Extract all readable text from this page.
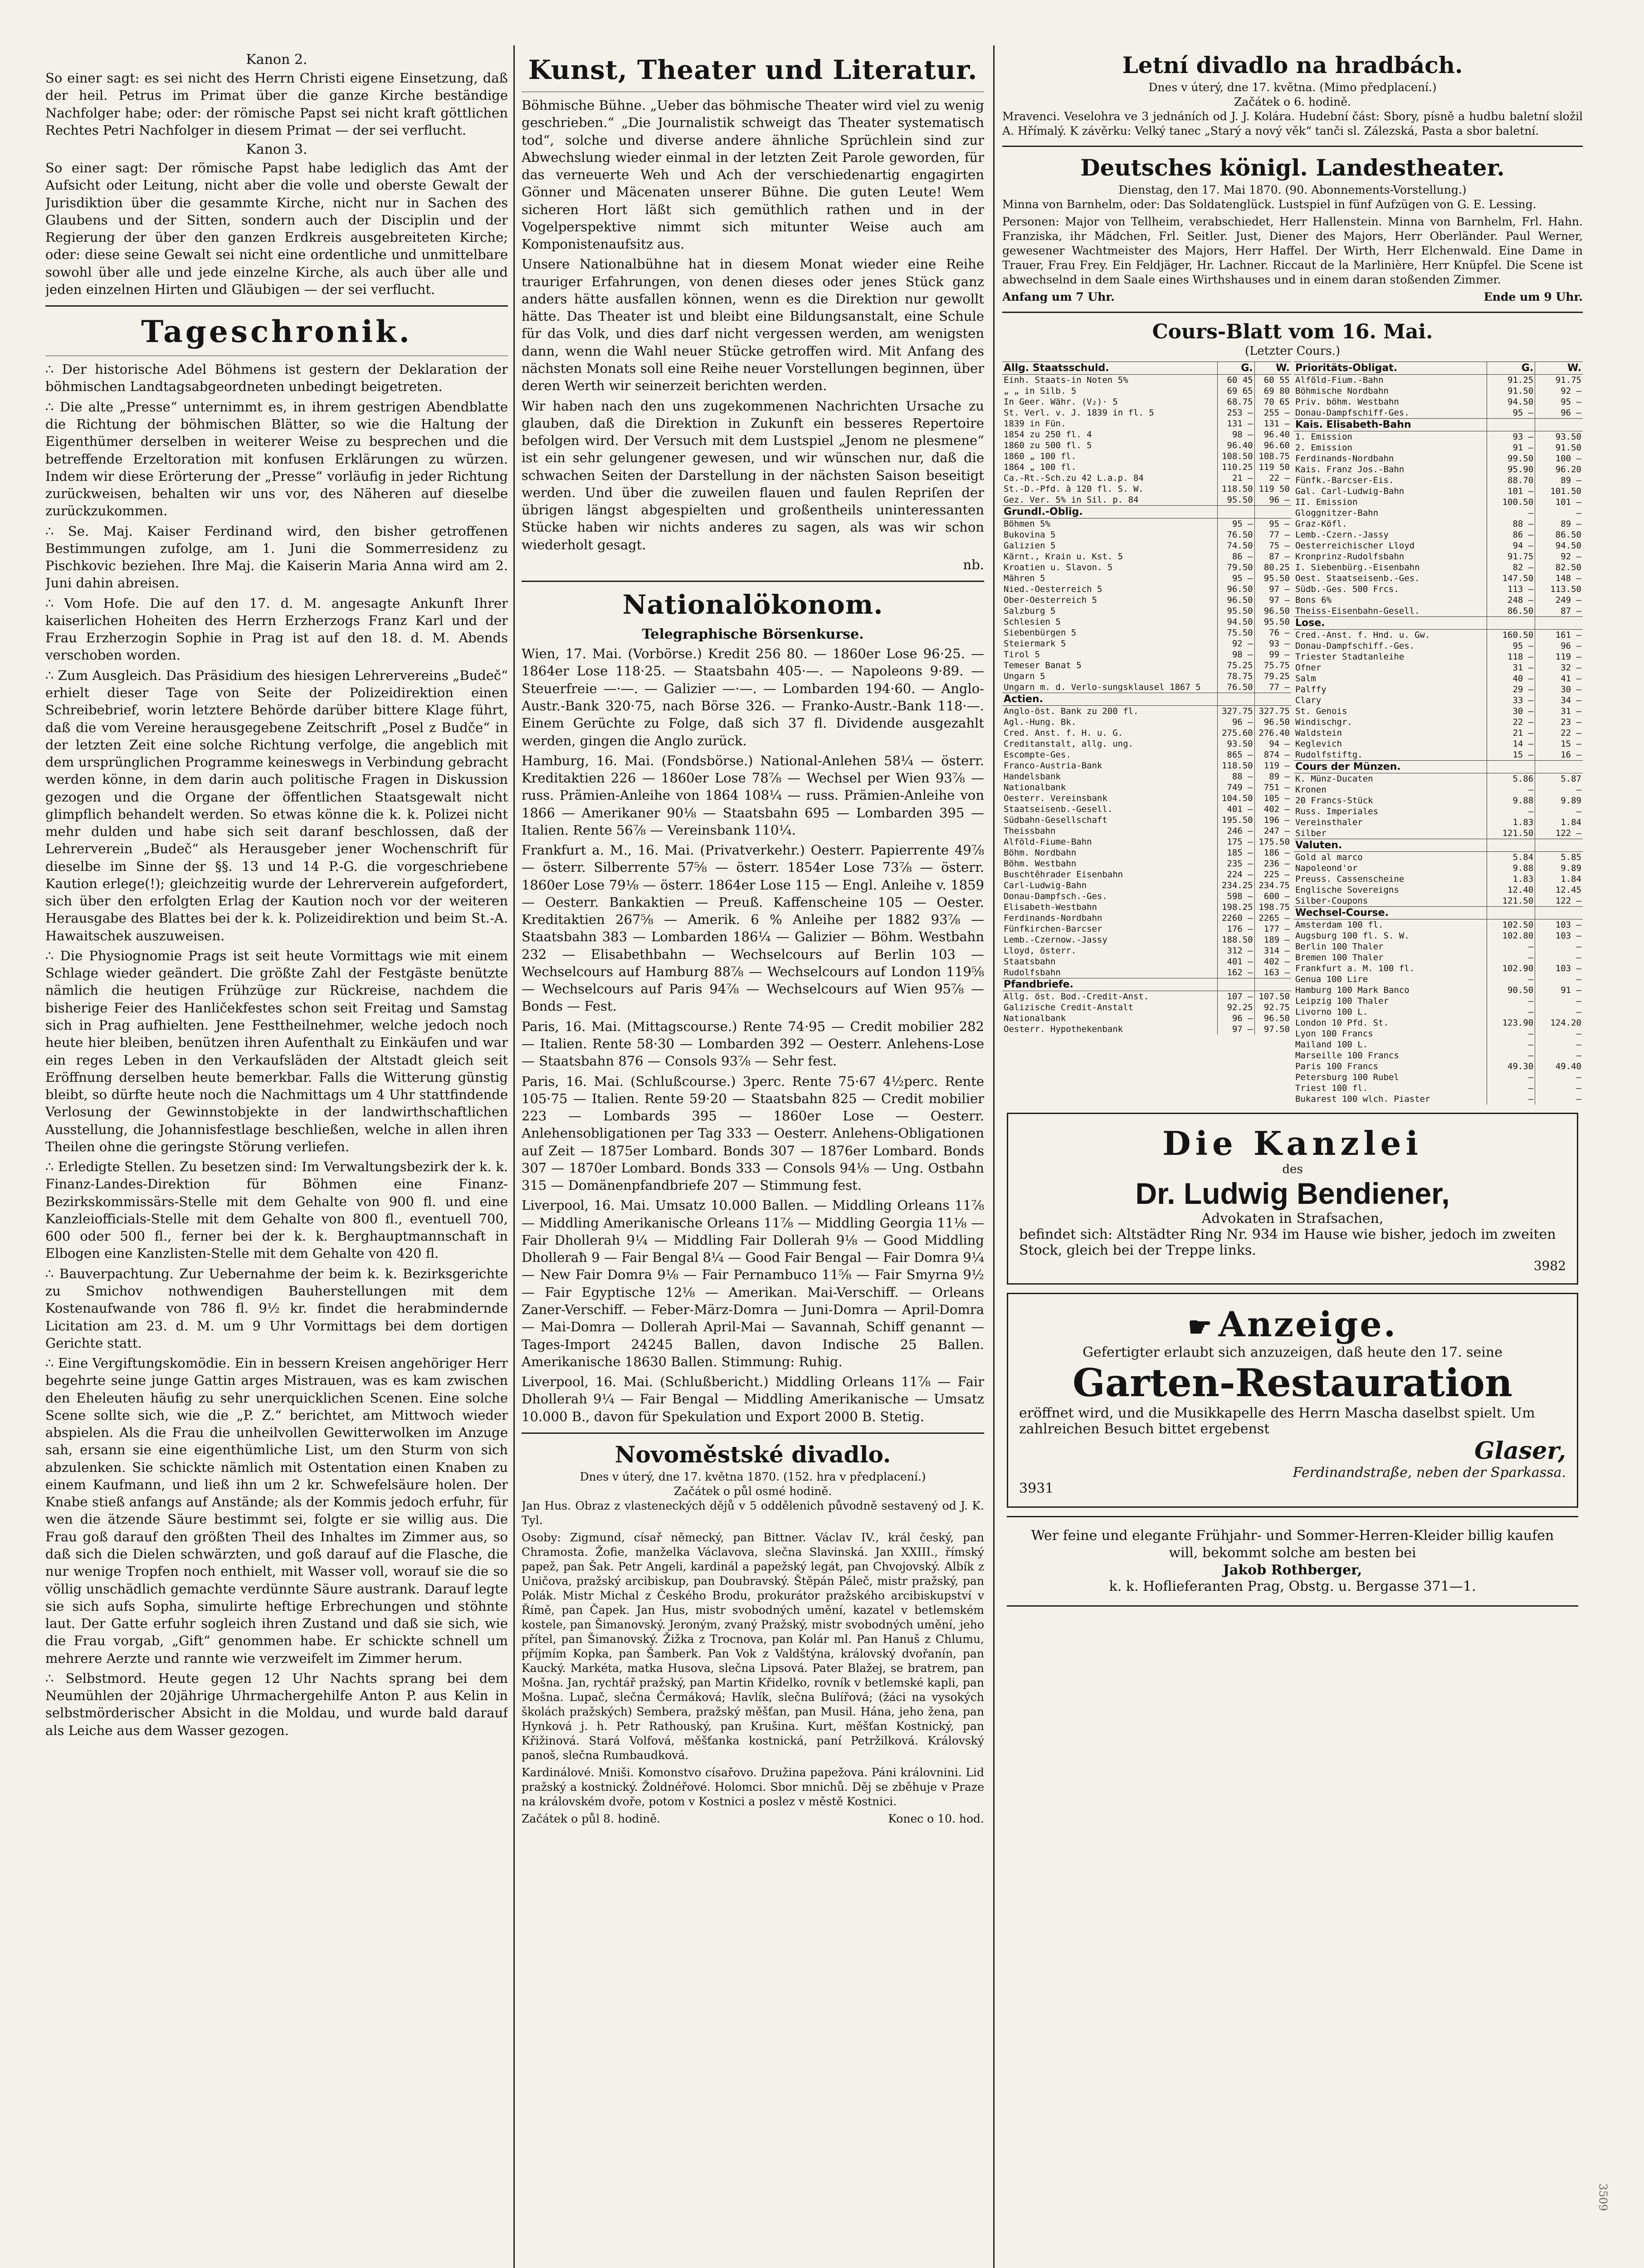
Kanon 2.

So einer sagt: es sei nicht des Herrn Christi eigene Einsetzung, daß der heil. Petrus im Primat über die ganze Kirche beständige Nachfolger habe; oder: der römische Papst sei nicht kraft göttlichen Rechtes Petri Nachfolger in diesem Primat — der sei verflucht.

Kanon 3.

So einer sagt: Der römische Papst habe lediglich das Amt der Aufsicht oder Leitung, nicht aber die volle und oberste Gewalt der Jurisdiktion über die gesammte Kirche, nicht nur in Sachen des Glaubens und der Sitten, sondern auch der Disciplin und der Regierung der über den ganzen Erdkreis ausgebreiteten Kirche; oder: diese seine Gewalt sei nicht eine ordentliche und unmittelbare sowohl über alle und jede einzelne Kirche, als auch über alle und jeden einzelnen Hirten und Gläubigen — der sei verflucht.

Tageschronik.

∴ Der historische Adel Böhmens ist gestern der Deklaration der böhmischen Landtagsabgeordneten unbedingt beigetreten.

∴ Die alte „Presse“ unternimmt es, in ihrem gestrigen Abendblatte die Richtung der böhmischen Blätter, so wie die Haltung der Eigenthümer derselben in weiterer Weise zu besprechen und die betreffende Erzeltoration mit konfusen Erklärungen zu würzen. Indem wir diese Erörterung der „Presse“ vorläufig in jeder Richtung zurückweisen, behalten wir uns vor, des Näheren auf dieselbe zurückzukommen.

∴ Se. Maj. Kaiser Ferdinand wird, den bisher getroffenen Bestimmungen zufolge, am 1. Juni die Sommerresidenz zu Pischkovic beziehen. Ihre Maj. die Kaiserin Maria Anna wird am 2. Juni dahin abreisen.

∴ Vom Hofe. Die auf den 17. d. M. angesagte Ankunft Ihrer kaiserlichen Hoheiten des Herrn Erzherzogs Franz Karl und der Frau Erzherzogin Sophie in Prag ist auf den 18. d. M. Abends verschoben worden.

∴ Zum Ausgleich. Das Präsidium des hiesigen Lehrervereins „Budeč“ erhielt dieser Tage von Seite der Polizeidirektion einen Schreibebrief, worin letztere Behörde darüber bittere Klage führt, daß die vom Vereine herausgegebene Zeitschrift „Posel z Budče“ in der letzten Zeit eine solche Richtung verfolge, die angeblich mit dem ursprünglichen Programme keineswegs in Verbindung gebracht werden könne, in dem darin auch politische Fragen in Diskussion gezogen und die Organe der öffentlichen Staatsgewalt nicht glimpflich behandelt werden. So etwas könne die k. k. Polizei nicht mehr dulden und habe sich seit daranf beschlossen, daß der Lehrerverein „Budeč“ als Herausgeber jener Wochenschrift für dieselbe im Sinne der §§. 13 und 14 P.-G. die vorgeschriebene Kaution erlege(!); gleichzeitig wurde der Lehrerverein aufgefordert, sich über den erfolgten Erlag der Kaution noch vor der weiteren Herausgabe des Blattes bei der k. k. Polizeidirektion und beim St.-A. Hawaitschek auszuweisen.

∴ Die Physiognomie Prags ist seit heute Vormittags wie mit einem Schlage wieder geändert. Die größte Zahl der Festgäste benützte nämlich die heutigen Frühzüge zur Rückreise, nachdem die bisherige Feier des Hanličekfestes schon seit Freitag und Samstag sich in Prag aufhielten. Jene Festtheilnehmer, welche jedoch noch heute hier bleiben, benützen ihren Aufenthalt zu Einkäufen und war ein reges Leben in den Verkaufsläden der Altstadt gleich seit Eröffnung derselben heute bemerkbar. Falls die Witterung günstig bleibt, so dürfte heute noch die Nachmittags um 4 Uhr stattfindende Verlosung der Gewinnstobjekte in der landwirthschaftlichen Ausstellung, die Johannisfestlage beschließen, welche in allen ihren Theilen ohne die geringste Störung verliefen.

∴ Erledigte Stellen. Zu besetzen sind: Im Verwaltungsbezirk der k. k. Finanz-Landes-Direktion für Böhmen eine Finanz-Bezirkskommissärs-Stelle mit dem Gehalte von 900 fl. und eine Kanzleiofficials-Stelle mit dem Gehalte von 800 fl., eventuell 700, 600 oder 500 fl., ferner bei der k. k. Berghauptmannschaft in Elbogen eine Kanzlisten-Stelle mit dem Gehalte von 420 fl.

∴ Bauverpachtung. Zur Uebernahme der beim k. k. Bezirksgerichte zu Smichov nothwendigen Bauherstellungen mit dem Kostenaufwande von 786 fl. 9½ kr. findet die herabmindernde Licitation am 23. d. M. um 9 Uhr Vormittags bei dem dortigen Gerichte statt.

∴ Eine Vergiftungskomödie. Ein in bessern Kreisen angehöriger Herr begehrte seine junge Gattin arges Mistrauen, was es kam zwischen den Eheleuten häufig zu sehr unerquicklichen Scenen. Eine solche Scene sollte sich, wie die „P. Z.“ berichtet, am Mittwoch wieder abspielen. Als die Frau die unheilvollen Gewitterwolken im Anzuge sah, ersann sie eine eigenthümliche List, um den Sturm von sich abzulenken. Sie schickte nämlich mit Ostentation einen Knaben zu einem Kaufmann, und ließ ihn um 2 kr. Schwefelsäure holen. Der Knabe stieß anfangs auf Anstände; als der Kommis jedoch erfuhr, für wen die ätzende Säure bestimmt sei, folgte er sie willig aus. Die Frau goß darauf den größten Theil des Inhaltes im Zimmer aus, so daß sich die Dielen schwärzten, und goß darauf auf die Flasche, die nur wenige Tropfen noch enthielt, mit Wasser voll, worauf sie die so völlig unschädlich gemachte verdünnte Säure austrank. Darauf legte sie sich aufs Sopha, simulirte heftige Erbrechungen und stöhnte laut. Der Gatte erfuhr sogleich ihren Zustand und daß sie sich, wie die Frau vorgab, „Gift“ genommen habe. Er schickte schnell um mehrere Aerzte und rannte wie verzweifelt im Zimmer herum.

∴ Selbstmord. Heute gegen 12 Uhr Nachts sprang bei dem Neumühlen der 20jährige Uhrmachergehilfe Anton P. aus Kelin in selbstmörderischer Absicht in die Moldau, und wurde bald darauf als Leiche aus dem Wasser gezogen.

Kunst, Theater und Literatur.

Böhmische Bühne. „Ueber das böhmische Theater wird viel zu wenig geschrieben.“ „Die Journalistik schweigt das Theater systematisch tod“, solche und diverse andere ähnliche Sprüchlein sind zur Abwechslung wieder einmal in der letzten Zeit Parole geworden, für das verneuerte Weh und Ach der verschiedenartig engagirten Gönner und Mäcenaten unserer Bühne. Die guten Leute! Wem sicheren Hort läßt sich gemüthlich rathen und in der Vogelperspektive nimmt sich mitunter Weise auch am Komponistenaufsitz aus.

Unsere Nationalbühne hat in diesem Monat wieder eine Reihe trauriger Erfahrungen, von denen dieses oder jenes Stück ganz anders hätte ausfallen können, wenn es die Direktion nur gewollt hätte. Das Theater ist und bleibt eine Bildungsanstalt, eine Schule für das Volk, und dies darf nicht vergessen werden, am wenigsten dann, wenn die Wahl neuer Stücke getroffen wird. Mit Anfang des nächsten Monats soll eine Reihe neuer Vorstellungen beginnen, über deren Werth wir seinerzeit berichten werden.

Wir haben nach den uns zugekommenen Nachrichten Ursache zu glauben, daß die Direktion in Zukunft ein besseres Repertoire befolgen wird. Der Versuch mit dem Lustspiel „Jenom ne plesmene“ ist ein sehr gelungener gewesen, und wir wünschen nur, daß die schwachen Seiten der Darstellung in der nächsten Saison beseitigt werden. Und über die zuweilen flauen und faulen Repriſen der übrigen längst abgespielten und großentheils uninteressanten Stücke haben wir nichts anderes zu sagen, als was wir schon wiederholt gesagt.

nb.

Nationalökonom.
Telegraphische Börsenkurse.

Wien, 17. Mai. (Vorbörse.) Kredit 256 80. — 1860er Lose 96·25. — 1864er Lose 118·25. — Staatsbahn 405·—. — Napoleons 9·89. — Steuerfreie —·—. — Galizier —·—. — Lombarden 194·60. — Anglo-Austr.-Bank 320·75, nach Börse 326. — Franko-Austr.-Bank 118·—. Einem Gerüchte zu Folge, daß sich 37 fl. Dividende ausgezahlt werden, gingen die Anglo zurück.

Hamburg, 16. Mai. (Fondsbörse.) National-Anlehen 58¼ — österr. Kreditaktien 226 — 1860er Lose 78⅞ — Wechsel per Wien 93⅞ — russ. Prämien-Anleihe von 1864 108¼ — russ. Prämien-Anleihe von 1866 — Amerikaner 90⅛ — Staatsbahn 695 — Lombarden 395 — Italien. Rente 56⅞ — Vereinsbank 110¼.

Frankfurt a. M., 16. Mai. (Privatverkehr.) Oesterr. Papierrente 49⅞ — österr. Silberrente 57⅝ — österr. 1854er Lose 73⅞ — österr. 1860er Lose 79⅛ — österr. 1864er Lose 115 — Engl. Anleihe v. 1859 — Oesterr. Bankaktien — Preuß. Kaffenscheine 105 — Oester. Kreditaktien 267⅝ — Amerik. 6 % Anleihe per 1882 93⅞ — Staatsbahn 383 — Lombarden 186¼ — Galizier — Böhm. Westbahn 232 — Elisabethbahn — Wechselcours auf Berlin 103 — Wechselcours auf Hamburg 88⅞ — Wechselcours auf London 119⅝ — Wechselcours auf Paris 94⅞ — Wechselcours auf Wien 95⅞ — Bonds — Fest.

Paris, 16. Mai. (Mittagscourse.) Rente 74·95 — Credit mobilier 282 — Italien. Rente 58·30 — Lombarden 392 — Oesterr. Anlehens-Lose — Staatsbahn 876 — Consols 93⅞ — Sehr fest.

Paris, 16. Mai. (Schlußcourse.) 3perc. Rente 75·67 4½perc. Rente 105·75 — Italien. Rente 59·20 — Staatsbahn 825 — Credit mobilier 223 — Lombards 395 — 1860er Lose — Oesterr. Anlehensobligationen per Tag 333 — Oesterr. Anlehens-Obligationen auf Zeit — 1875er Lombard. Bonds 307 — 1876er Lombard. Bonds 307 — 1870er Lombard. Bonds 333 — Consols 94⅛ — Ung. Ostbahn 315 — Domänenpfandbriefe 207 — Stimmung fest.

Liverpool, 16. Mai. Umsatz 10.000 Ballen. — Middling Orleans 11⅞ — Middling Amerikanische Orleans 11⅞ — Middling Georgia 11⅛ — Fair Dhollerah 9¼ — Middling Fair Dollerah 9⅛ — Good Middling Dholleraħ 9 — Fair Bengal 8¼ — Good Fair Bengal — Fair Domra 9¼ — New Fair Domra 9⅛ — Fair Pernambuco 11⅝ — Fair Smyrna 9½ — Fair Egyptische 12⅛ — Amerikan. Mai-Verschiff. — Orleans Zaner-Verschiff. — Feber-März-Domra — Juni-Domra — April-Domra — Mai-Domra — Dollerah April-Mai — Savannah, Schiff genannt — Tages-Import 24245 Ballen, davon Indische 25 Ballen. Amerikanische 18630 Ballen. Stimmung: Ruhig.

Liverpool, 16. Mai. (Schlußbericht.) Middling Orleans 11⅞ — Fair Dhollerah 9¼ — Fair Bengal — Middling Amerikanische — Umsatz 10.000 B., davon für Spekulation und Export 2000 B. Stetig.

Novoměstské divadlo.
Dnes v úterý, dne 17. května 1870. (152. hra v předplacení.)
Začátek o půl osmé hodině.

Jan Hus. Obraz z vlasteneckých dějů v 5 oddělenich původně sestavený od J. K. Tyl.

Osoby: Zigmund, císař německý, pan Bittner. Václav IV., král český, pan Chramosta. Žofie, manželka Václavova, slečna Slavinská. Jan XXIII., římský papež, pan Šak. Petr Angeli, kardinál a papežský legát, pan Chvojovský. Albík z Uničova, pražský arcibiskup, pan Doubravský. Štěpán Páleč, mistr pražský, pan Polák. Mistr Michal z Českého Brodu, prokurátor pražského arcibiskupství v Římě, pan Čapek. Jan Hus, mistr svobodných umění, kazatel v betlemském kostele, pan Šimanovský. Jeroným, zvaný Pražský, mistr svobodných umění, jeho přítel, pan Šimanovský. Žižka z Trocnova, pan Kolár ml. Pan Hanuš z Chlumu, příjmím Kopka, pan Šamberk. Pan Vok z Valdštýna, královský dvořanín, pan Kaucký. Markéta, matka Husova, slečna Lipsová. Pater Blažej, se bratrem, pan Mošna. Jan, rychtář pražský, pan Martin Křidelko, rovník v betlemské kapli, pan Mošna. Lupač, slečna Čermáková; Havlík, slečna Bulířová; (žáci na vysokých školách pražských) Sembera, pražský měšťan, pan Musil. Hána, jeho žena, pan Hynková j. h. Petr Rathouský, pan Krušina. Kurt, měšťan Kostnický, pan Křižinová. Stará Volfová, měšťanka kostnická, paní Petržilková. Královský panoš, slečna Rumbaudková.

Kardinálové. Mniši. Komonstvo císařovo. Družina papežova. Páni královnini. Lid pražský a kostnický. Žoldnéřové. Holomci. Sbor mnichů. Děj se zběhuje v Praze na královském dvoře, potom v Kostnici a poslez v městě Kostnici.

Začátek o půl 8. hodině.	Konec o 10. hod.
Letní divadlo na hradbách.
Dnes v úterý, dne 17. května. (Mimo předplacení.)
Začátek o 6. hodině.

Mravenci. Veselohra ve 3 jednáních od J. J. Kolára. Hudební část: Sbory, písně a hudbu baletní složil A. Hřímalý. K závěrku: Velký tanec „Starý a nový věk“ tanči sl. Zálezská, Pasta a sbor baletní.

Deutsches königl. Landestheater.
Dienstag, den 17. Mai 1870. (90. Abonnements-Vorstellung.)

Minna von Barnhelm, oder: Das Soldatenglück. Lustspiel in fünf Aufzügen von G. E. Lessing.

Personen: Major von Tellheim, verabschiedet, Herr Hallenstein. Minna von Barnhelm, Frl. Hahn. Franziska, ihr Mädchen, Frl. Seitler. Just, Diener des Majors, Herr Oberländer. Paul Werner, gewesener Wachtmeister des Majors, Herr Haffel. Der Wirth, Herr Elchenwald. Eine Dame in Trauer, Frau Frey. Ein Feldjäger, Hr. Lachner. Riccaut de la Marlinière, Herr Knüpfel. Die Scene ist abwechselnd in dem Saale eines Wirthshauses und in einem daran stoßenden Zimmer.

Anfang um 7 Uhr.	Ende um 9 Uhr.
Cours-Blatt vom 16. Mai.
(Letzter Cours.)
Allg. Staatsschuld.	G.	W.
Einh. Staats-in Noten 5%	60 45	60 55
„ „ in Silb. 5	69 65	69 80
In Geer. Währ. (V₂)· 5	68.75	70 65
St. Verl. v. J. 1839 in fl. 5	253 —	255 —
1839 in Fün.	131 —	131 —
1854 zu 250 fl. 4	98 —	96.40
1860 zu 500 fl. 5	96.40	96.60
1860 „ 100 fl.	108.50	108.75
1864 „ 100 fl.	110.25	119 50
Ca.-Rt.-Sch.zu 42 L.a.p. 84	21 —	22 —
St.-D.-Pfd. à 120 fl. S. W.	118.50	119 50
Gez. Ver. 5% in Sil. p. 84	95.50	96 —
Grundl.-Oblig.		
Böhmen 5%	95 —	95 —
Bukovina 5	76.50	77 —
Galizien 5	74.50	75 —
Kärnt., Krain u. Kst. 5	86 —	87 —
Kroatien u. Slavon. 5	79.50	80.25
Mähren 5	95 —	95.50
Nied.-Oesterreich 5	96.50	97 —
Ober-Oesterreich 5	96.50	97 —
Salzburg 5	95.50	96.50
Schlesien 5	94.50	95.50
Siebenbürgen 5	75.50	76 —
Steiermark 5	92 —	93 —
Tirol 5	98 —	99 —
Temeser Banat 5	75.25	75.75
Ungarn 5	78.75	79.25
Ungarn m. d. Verlo-sungsklausel 1867 5	76.50	77 —
Actien.		
Anglo-öst. Bank zu 200 fl.	327.75	327.75
Agl.-Hung. Bk.	96 —	96.50
Cred. Anst. f. H. u. G.	275.60	276.40
Creditanstalt, allg. ung.	93.50	94 —
Escompte-Ges.	865 —	874 —
Franco-Austria-Bank	118.50	119 —
Handelsbank	88 —	89 —
Nationalbank	749 —	751 —
Oesterr. Vereinsbank	104.50	105 —
Staatseisenb.-Gesell.	401 —	402 —
Südbahn-Gesellschaft	195.50	196 —
Theissbahn	246 —	247 —
Alföld-Fiume-Bahn	175 —	175.50
Böhm. Nordbahn	185 —	186 —
Böhm. Westbahn	235 —	236 —
Buschtěhrader Eisenbahn	224 —	225 —
Carl-Ludwig-Bahn	234.25	234.75
Donau-Dampfsch.-Ges.	598 —	600 —
Elisabeth-Westbahn	198.25	198.75
Ferdinands-Nordbahn	2260 —	2265 —
Fünfkirchen-Barcser	176 —	177 —
Lemb.-Czernow.-Jassy	188.50	189 —
Lloyd, österr.	312 —	314 —
Staatsbahn	401 —	402 —
Rudolfsbahn	162 —	163 —
Pfandbriefe.		
Allg. öst. Bod.-Credit-Anst.	107 —	107.50
Galizische Credit-Anstalt	92.25	92.75
Nationalbank	96 —	96.50
Oesterr. Hypothekenbank	97 —	97.50
Prioritäts-Obligat.	G.	W.
Alföld-Fium.-Bahn	91.25	91.75
Böhmische Nordbahn	91.50	92 —
Priv. böhm. Westbahn	94.50	95 —
Donau-Dampfschiff-Ges.	95 —	96 —
Kais. Elisabeth-Bahn		
1. Emission	93 —	93.50
2. Emission	91 —	91.50
Ferdinands-Nordbahn	99.50	100 —
Kais. Franz Jos.-Bahn	95.90	96.20
Fünfk.-Barcser-Eis.	88.70	89 —
Gal. Carl-Ludwig-Bahn	101 —	101.50
II. Emission	100.50	101 —
Gloggnitzer-Bahn	—	—
Graz-Köfl.	88 —	89 —
Lemb.-Czern.-Jassy	86 —	86.50
Oesterreichischer Lloyd	94 —	94.50
Kronprinz-Rudolfsbahn	91.75	92 —
I. Siebenbürg.-Eisenbahn	82 —	82.50
Oest. Staatseisenb.-Ges.	147.50	148 —
Südb.-Ges. 500 Frcs.	113 —	113.50
Bons 6%	248 —	249 —
Theiss-Eisenbahn-Gesell.	86.50	87 —
Lose.		
Cred.-Anst. f. Hnd. u. Gw.	160.50	161 —
Donau-Dampfschiff.-Ges.	95 —	96 —
Triester Stadtanleihe	118 —	119 —
Ofner	31 —	32 —
Salm	40 —	41 —
Palffy	29 —	30 —
Clary	33 —	34 —
St. Genois	30 —	31 —
Windischgr.	22 —	23 —
Waldstein	21 —	22 —
Keglevich	14 —	15 —
Rudolfstiftg.	15 —	16 —
Cours der Münzen.		
K. Münz-Ducaten	5.86	5.87
Kronen	—	—
20 Francs-Stück	9.88	9.89
Russ. Imperiales	—	—
Vereinsthaler	1.83	1.84
Silber	121.50	122 —
Valuten.		
Gold al marco	5.84	5.85
Napoleond'or	9.88	9.89
Preuss. Cassenscheine	1.83	1.84
Englische Sovereigns	12.40	12.45
Silber-Coupons	121.50	122 —
Wechsel-Course.		
Amsterdam 100 fl.	102.50	103 —
Augsburg 100 fl. S. W.	102.80	103 —
Berlin 100 Thaler	—	—
Bremen 100 Thaler	—	—
Frankfurt a. M. 100 fl.	102.90	103 —
Genua 100 Lire	—	—
Hamburg 100 Mark Banco	90.50	91 —
Leipzig 100 Thaler	—	—
Livorno 100 L.	—	—
London 10 Pfd. St.	123.90	124.20
Lyon 100 Francs	—	—
Mailand 100 L.	—	—
Marseille 100 Francs	—	—
Paris 100 Francs	49.30	49.40
Petersburg 100 Rubel	—	—
Triest 100 fl.	—	—
Bukarest 100 wlch. Piaster	—	—
Die Kanzlei
des
Dr. Ludwig Bendiener,
Advokaten in Strafsachen,
befindet sich: Altstädter Ring Nr. 934 im Hause wie bisher, jedoch im zweiten Stock, gleich bei der Treppe links.
3982
☛ Anzeige.
Gefertigter erlaubt sich anzuzeigen, daß heute den 17. seine
Garten-Restauration
eröffnet wird, und die Musikkapelle des Herrn Mascha daselbst spielt. Um zahlreichen Besuch bittet ergebenst
Glaser,
Ferdinandstraße, neben der Sparkassa.
3931
Wer feine und elegante Frühjahr- und Sommer-Herren-Kleider billig kaufen will, bekommt solche am besten bei
Jakob Rothberger,
k. k. Hoflieferanten Prag, Obstg. u. Bergasse 371—1.
3509
